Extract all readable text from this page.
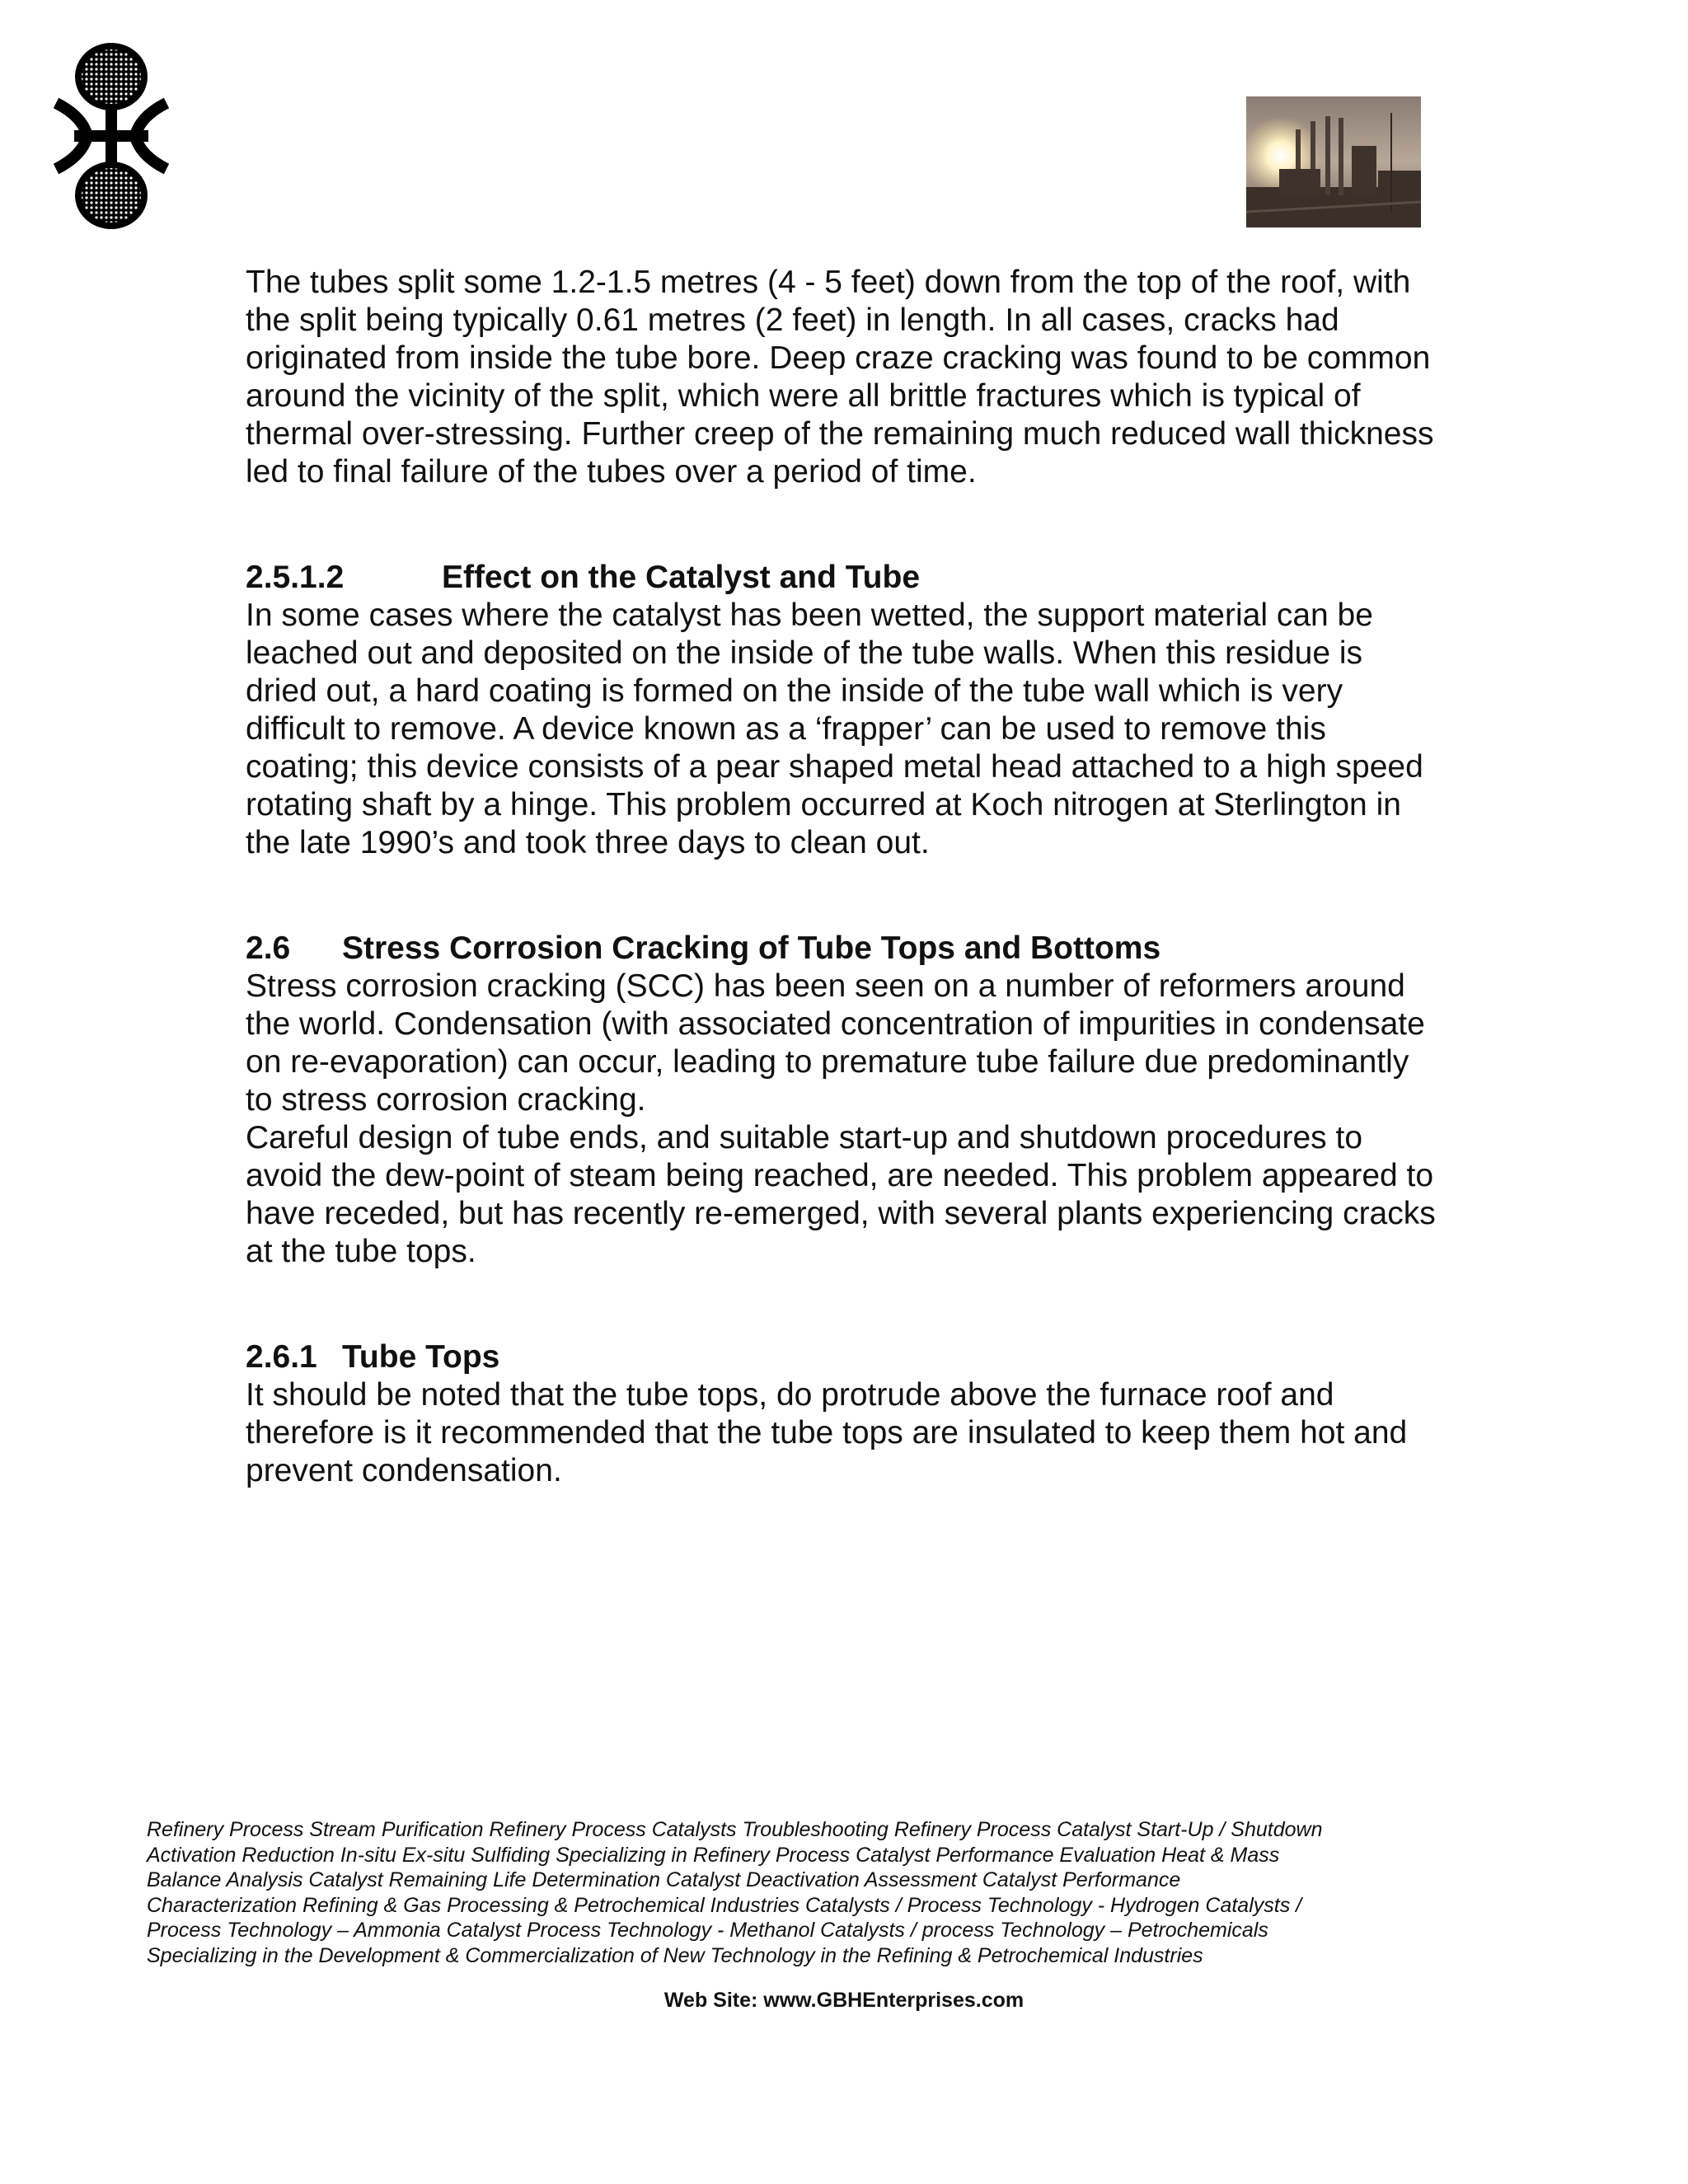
The tubes split some 1.2-1.5 metres (4 - 5 feet) down from the top of the roof, with the split being typically 0.61 metres (2 feet) in length. In all cases, cracks had originated from inside the tube bore. Deep craze cracking was found to be common around the vicinity of the split, which were all brittle fractures which is typical of thermal over-stressing. Further creep of the remaining much reduced wall thickness led to final failure of the tubes over a period of time.

2.5.1.2	Effect on the Catalyst and Tube

In some cases where the catalyst has been wetted, the support material can be leached out and deposited on the inside of the tube walls. When this residue is dried out, a hard coating is formed on the inside of the tube wall which is very difficult to remove. A device known as a ‘frapper’ can be used to remove this coating; this device consists of a pear shaped metal head attached to a high speed rotating shaft by a hinge. This problem occurred at Koch nitrogen at Sterlington in the late 1990’s and took three days to clean out.

2.6 Stress Corrosion Cracking of Tube Tops and Bottoms

Stress corrosion cracking (SCC) has been seen on a number of reformers around the world. Condensation (with associated concentration of impurities in condensate on re-evaporation) can occur, leading to premature tube failure due predominantly to stress corrosion cracking.

Careful design of tube ends, and suitable start-up and shutdown procedures to avoid the dew-point of steam being reached, are needed. This problem appeared to have receded, but has recently re-emerged, with several plants experiencing cracks at the tube tops.

2.6.1 Tube Tops

It should be noted that the tube tops, do protrude above the furnace roof and therefore is it recommended that the tube tops are insulated to keep them hot and prevent condensation.

Refinery Process Stream Purification Refinery Process Catalysts Troubleshooting Refinery Process Catalyst Start-Up / Shutdown
Activation Reduction In-situ Ex-situ Sulfiding Specializing in Refinery Process Catalyst Performance Evaluation Heat & Mass
Balance Analysis Catalyst Remaining Life Determination Catalyst Deactivation Assessment Catalyst Performance
Characterization Refining & Gas Processing & Petrochemical Industries Catalysts / Process Technology - Hydrogen Catalysts /
Process Technology – Ammonia Catalyst Process Technology - Methanol Catalysts / process Technology – Petrochemicals
Specializing in the Development & Commercialization of New Technology in the Refining & Petrochemical Industries
Web Site: www.GBHEnterprises.com
